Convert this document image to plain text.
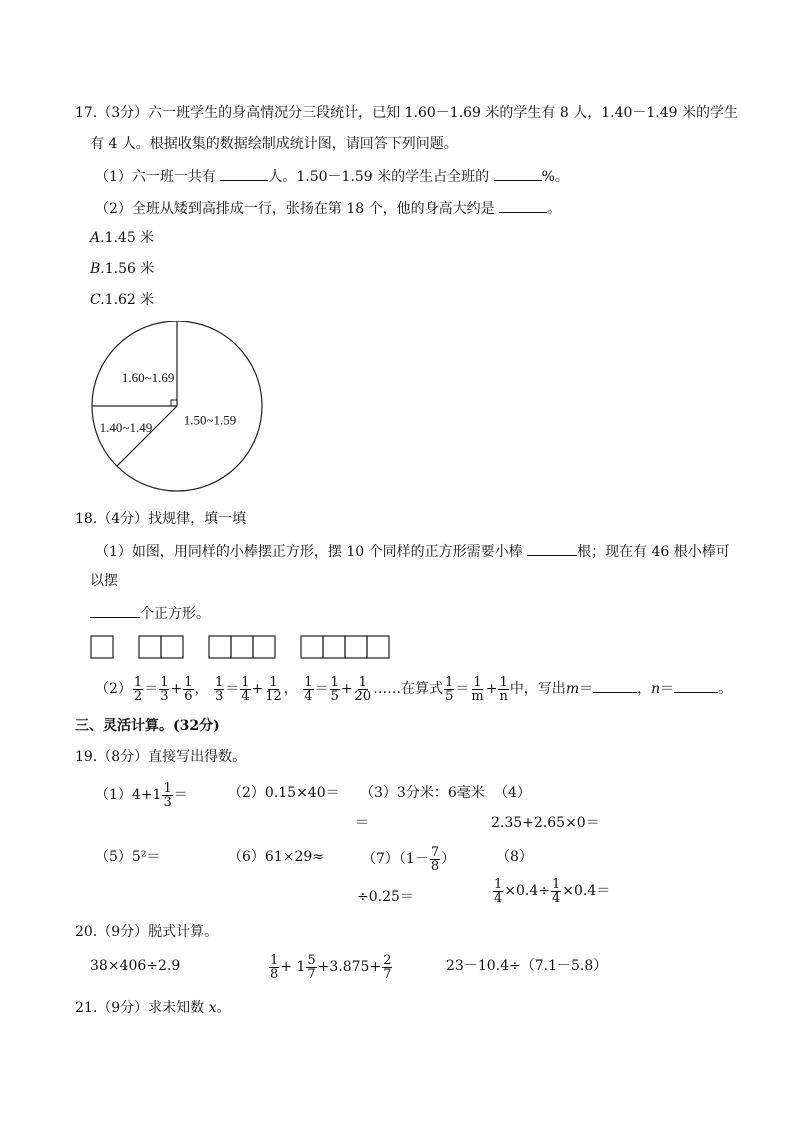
17.（3分）六一班学生的身高情况分三段统计，已知 1.60－1.69 米的学生有 8 人，1.40－1.49 米的学生
有 4 人。根据收集的数据绘制成统计图，请回答下列问题。
（1）六一班一共有	人。1.50－1.59 米的学生占全班的	%。
（2）全班从矮到高排成一行，张扬在第 18 个，他的身高大约是	。
A.1.45 米
B.1.56 米
C.1.62 米
1.60~1.69
1.40~1.49 1.50~1.59
18.（4分）找规律，填一填
（1）如图，用同样的小棒摆正方形，摆 10 个同样的正方形需要小棒	根；现在有 46 根小棒可
以摆
个正方形。
$(2) \frac{1}{2} = \frac{1}{3} + \frac{1}{6}$ ， $\frac{1}{3} = \frac{1}{4} + \frac{1}{12}$ ， $\frac{1}{4} = \frac{1}{5} + \frac{1}{20}$ ……在算式 $\frac{1}{5} = \frac{1}{m} + \frac{1}{n}$ 中，写出m＝	，n＝	。
三、灵活计算。(32分)
19.（8分）直接写出得数。
$(1)4+1 \frac{1}{3}$ ＝	（2）0.15×40＝ （3）3分米：6毫米
＝
（4）
2.35+2.65×0＝
（5）5²＝	（6）61×29≈	$(7)(1- \frac{7}{8}$ ）
÷0.25＝
（8）
$\frac{1}{4} \times 0.4\div \frac{1}{4} \times 0.4=$
20.（9分）脱式计算。
38×406÷2.9	$\frac{1}{8} + 1 \frac{5}{7} +3.875+ \frac{2}{7}$	23－10.4÷（7.1－5.8）
21.（9分）求未知数 x。
